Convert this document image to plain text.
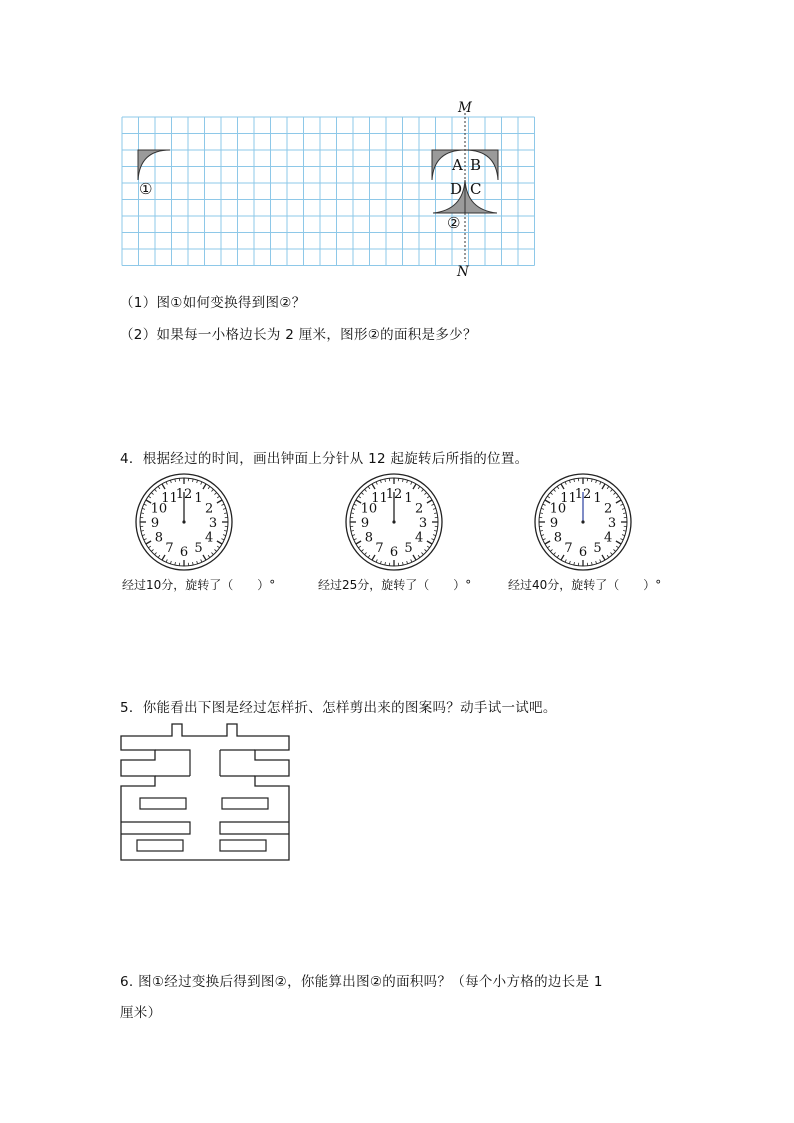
M
N
①
②
A B
D C
（1）图①如何变换得到图②？
（2）如果每一小格边长为 2 厘米，图形②的面积是多少？
4．根据经过的时间，画出钟面上分针从 12 起旋转后所指的位置。
12 1
2
3
4
5
6
7
8
9
10
11	12 1
2
3
4
5
6
7
8
9
10
11	12 1
2
3
4
5
6
7
8
9
10
11
经过10分，旋转了（　　）°	经过25分，旋转了（　　）°	经过40分，旋转了（　　）°
5．你能看出下图是经过怎样折、怎样剪出来的图案吗？动手试一试吧。
6. 图①经过变换后得到图②，你能算出图②的面积吗？（每个小方格的边长是 1
厘米）
